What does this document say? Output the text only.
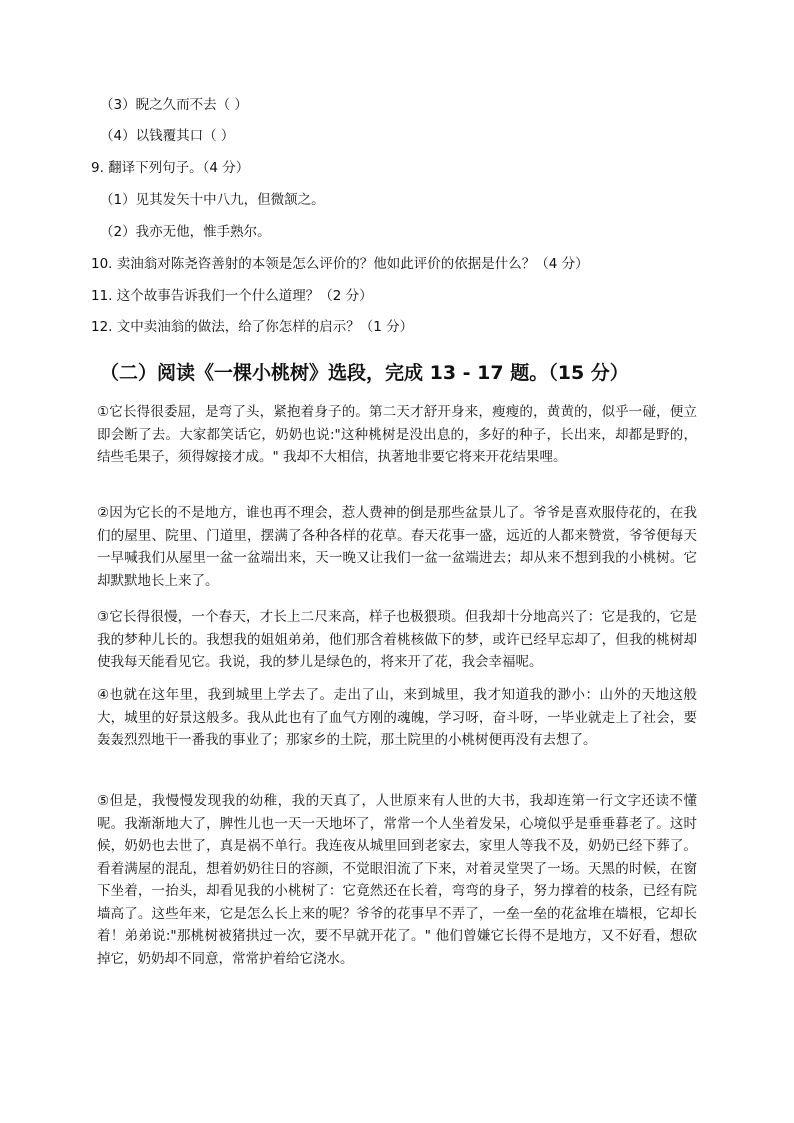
（3）睨之久而不去（ ）
（4）以钱覆其口（ ）
9. 翻译下列句子。（4 分）
（1）见其发矢十中八九，但微颔之。
（2）我亦无他，惟手熟尔。
10. 卖油翁对陈尧咨善射的本领是怎么评价的？他如此评价的依据是什么？（4 分）
11. 这个故事告诉我们一个什么道理？（2 分）
12. 文中卖油翁的做法，给了你怎样的启示？（1 分）
（二）阅读《一棵小桃树》选段，完成 13 - 17 题。（15 分）
①它长得很委屈，是弯了头，紧抱着身子的。第二天才舒开身来，瘦瘦的，黄黄的，似乎一碰，便立即会断了去。大家都笑话它，奶奶也说:"这种桃树是没出息的，多好的种子，长出来，却都是野的，结些毛果子，须得嫁接才成。" 我却不大相信，执著地非要它将来开花结果哩。
②因为它长的不是地方，谁也再不理会，惹人费神的倒是那些盆景儿了。爷爷是喜欢服侍花的，在我们的屋里、院里、门道里，摆满了各种各样的花草。春天花事一盛，远近的人都来赞赏，爷爷便每天一早喊我们从屋里一盆一盆端出来，天一晚又让我们一盆一盆端进去；却从来不想到我的小桃树。它却默默地长上来了。
③它长得很慢，一个春天，才长上二尺来高，样子也极猥琐。但我却十分地高兴了：它是我的，它是我的梦种儿长的。我想我的姐姐弟弟，他们那含着桃核做下的梦，或许已经早忘却了，但我的桃树却使我每天能看见它。我说，我的梦儿是绿色的，将来开了花，我会幸福呢。
④也就在这年里，我到城里上学去了。走出了山，来到城里，我才知道我的渺小：山外的天地这般大，城里的好景这般多。我从此也有了血气方刚的魂魄，学习呀，奋斗呀，一毕业就走上了社会，要轰轰烈烈地干一番我的事业了；那家乡的土院，那土院里的小桃树便再没有去想了。
⑤但是，我慢慢发现我的幼稚，我的天真了，人世原来有人世的大书，我却连第一行文字还读不懂呢。我渐渐地大了，脾性儿也一天一天地坏了，常常一个人坐着发呆，心境似乎是垂垂暮老了。这时候，奶奶也去世了，真是祸不单行。我连夜从城里回到老家去，家里人等我不及，奶奶已经下葬了。看着满屋的混乱，想着奶奶往日的容颜，不觉眼泪流了下来，对着灵堂哭了一场。天黑的时候，在窗下坐着，一抬头，却看见我的小桃树了：它竟然还在长着，弯弯的身子，努力撑着的枝条，已经有院墙高了。这些年来，它是怎么长上来的呢？爷爷的花事早不弄了，一垒一垒的花盆堆在墙根，它却长着！弟弟说:"那桃树被猪拱过一次，要不早就开花了。" 他们曾嫌它长得不是地方，又不好看，想砍掉它，奶奶却不同意，常常护着给它浇水。
